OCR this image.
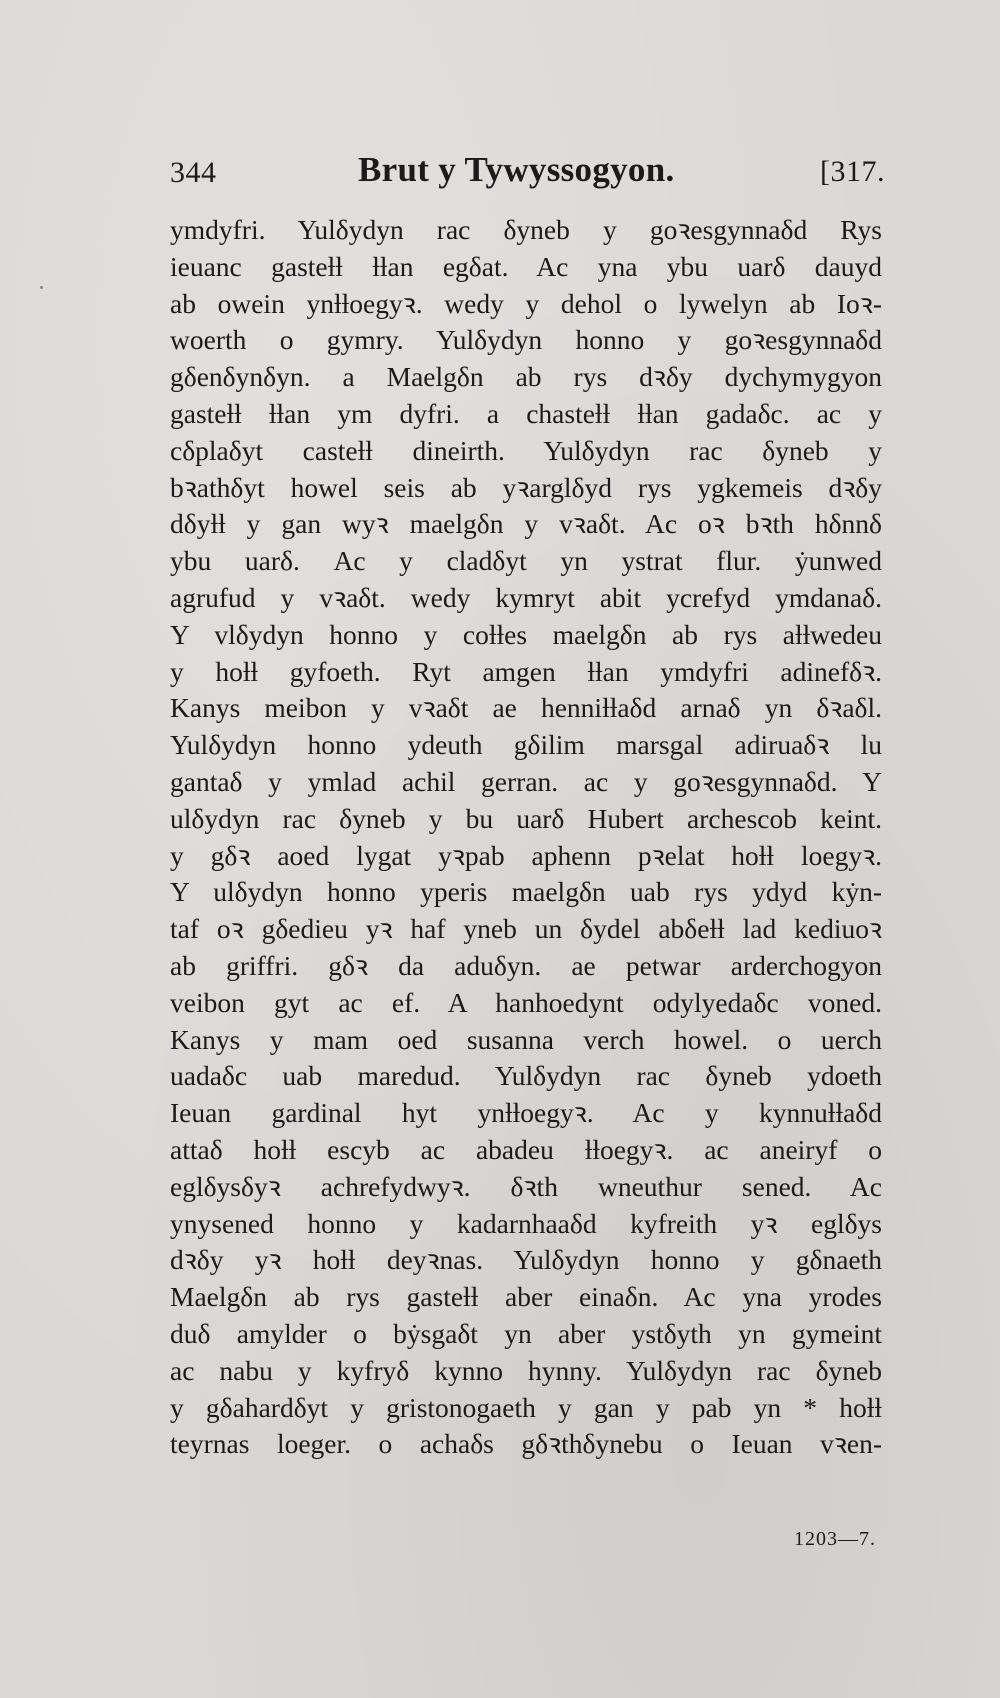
344	Brut y Tywyssogyon.	[317.
ymdyfri. Yulδydyn rac δyneb y goꝛesgynnaδd Rys
ieuanc gasteƚƚ ƚƚan egδat. Ac yna ybu uarδ dauyd
ab owein ynƚƚoegyꝛ. wedy y dehol o lywelyn ab Ioꝛ-
woerth o gymry. Yulδydyn honno y goꝛesgynnaδd
gδenδynδyn. a Maelgδn ab rys dꝛδy dychymygyon
gasteƚƚ ƚƚan ym dyfri. a chasteƚƚ ƚƚan gadaδc. ac y
cδplaδyt casteƚƚ dineirth. Yulδydyn rac δyneb y
bꝛathδyt howel seis ab yꝛarglδyd rys ygkemeis dꝛδy
dδyƚƚ y gan wyꝛ maelgδn y vꝛaδt. Ac oꝛ bꝛth hδnnδ
ybu uarδ. Ac y cladδyt yn ystrat flur. ẏunwed
agrufud y vꝛaδt. wedy kymryt abit ycrefyd ymdanaδ.
Y vlδydyn honno y coƚƚes maelgδn ab rys aƚƚwedeu
y hoƚƚ gyfoeth. Ryt amgen ƚƚan ymdyfri adinefδꝛ.
Kanys meibon y vꝛaδt ae henniƚƚaδd arnaδ yn δꝛaδl.
Yulδydyn honno ydeuth gδilim marsgal adiruaδꝛ lu
gantaδ y ymlad achil gerran. ac y goꝛesgynnaδd. Y
ulδydyn rac δyneb y bu uarδ Hubert archescob keint.
y gδꝛ aoed lygat yꝛpab aphenn pꝛelat hoƚƚ loegyꝛ.
Y ulδydyn honno yperis maelgδn uab rys ydyd kẏn-
taf oꝛ gδedieu yꝛ haf yneb un δydel abδeƚƚ lad kediuoꝛ
ab griffri. gδꝛ da aduδyn. ae petwar arderchogyon
veibon gyt ac ef. A hanhoedynt odylyedaδc voned.
Kanys y mam oed susanna verch howel. o uerch
uadaδc uab maredud. Yulδydyn rac δyneb ydoeth
Ieuan gardinal hyt ynƚƚoegyꝛ. Ac y kynnuƚƚaδd
attaδ hoƚƚ escyb ac abadeu ƚƚoegyꝛ. ac aneiryf o
eglδysδyꝛ achrefydwyꝛ. δꝛth wneuthur sened. Ac
ynysened honno y kadarnhaaδd kyfreith yꝛ eglδys
dꝛδy yꝛ hoƚƚ deyꝛnas. Yulδydyn honno y gδnaeth
Maelgδn ab rys gasteƚƚ aber einaδn. Ac yna yrodes
duδ amylder o bẏsgaδt yn aber ystδyth yn gymeint
ac nabu y kyfryδ kynno hynny. Yulδydyn rac δyneb
y gδahardδyt y gristonogaeth y gan y pab yn * hoƚƚ
teyrnas loeger. o achaδs gδꝛthδynebu o Ieuan vꝛen-
1203—7.
